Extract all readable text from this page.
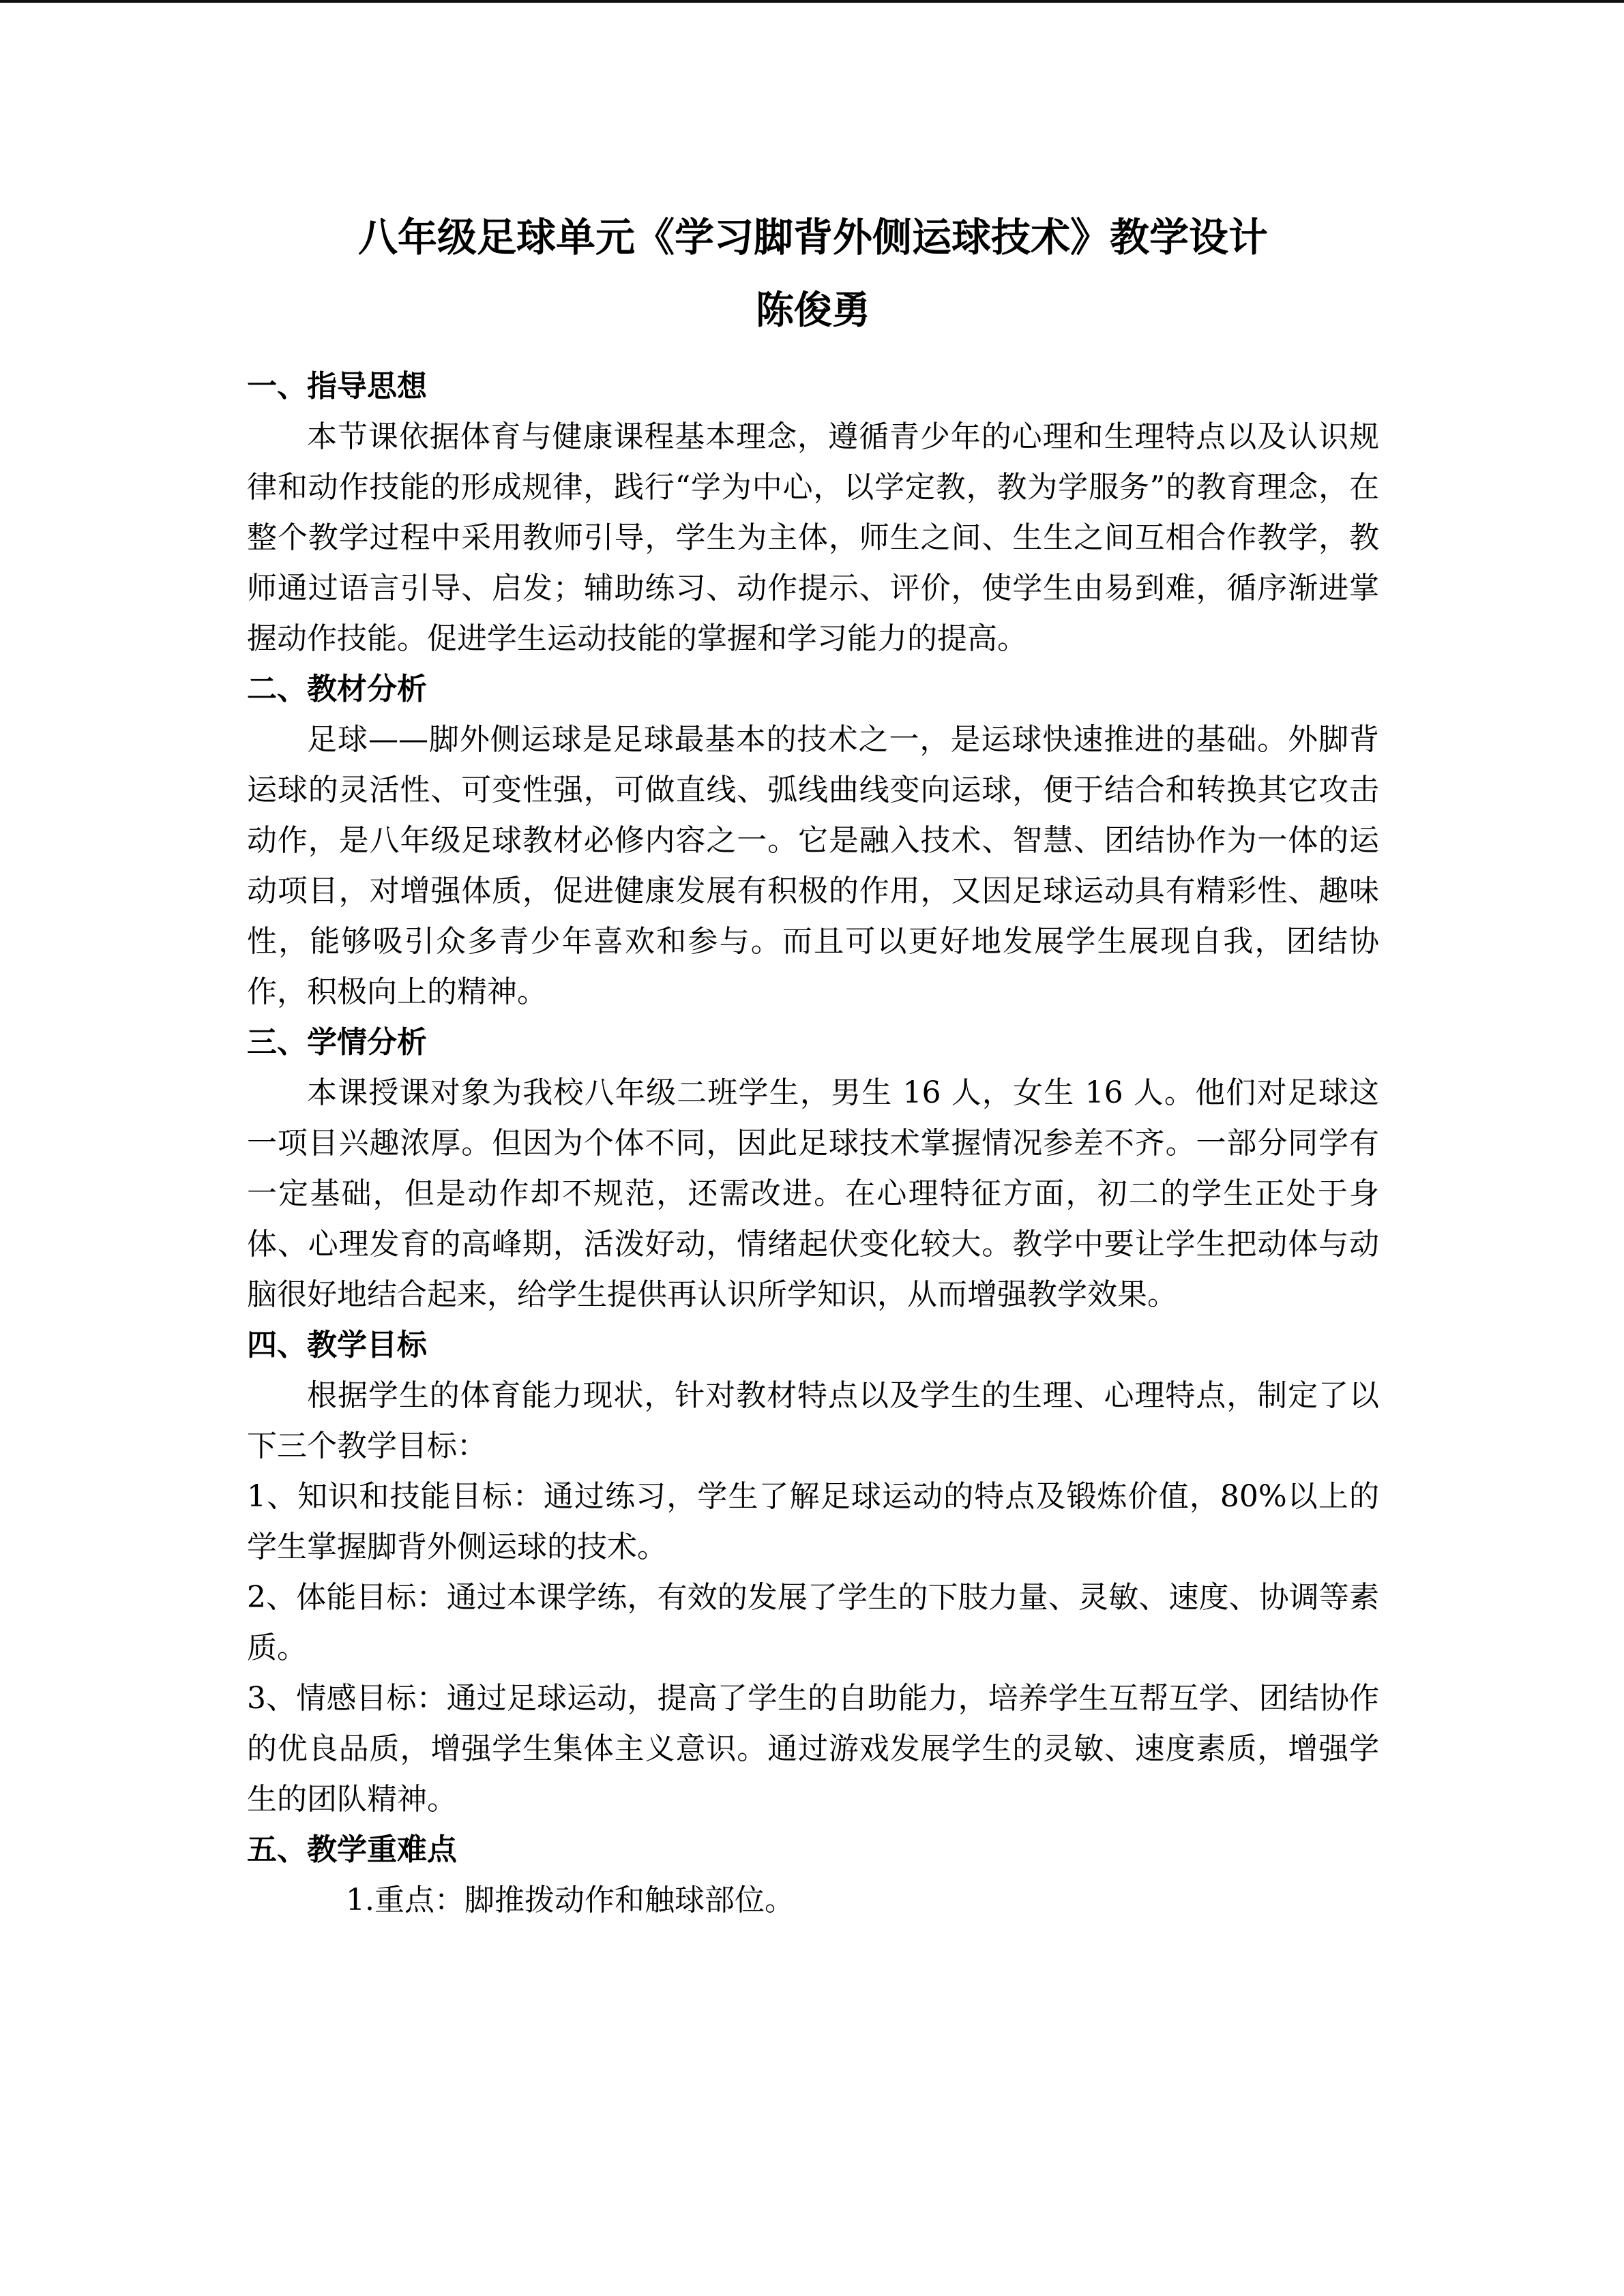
八年级足球单元《学习脚背外侧运球技术》教学设计
陈俊勇
一、指导思想

本节课依据体育与健康课程基本理念，遵循青少年的心理和生理特点以及认识规律和动作技能的形成规律，践行“学为中心，以学定教，教为学服务”的教育理念，在整个教学过程中采用教师引导，学生为主体，师生之间、生生之间互相合作教学，教师通过语言引导、启发；辅助练习、动作提示、评价，使学生由易到难，循序渐进掌握动作技能。促进学生运动技能的掌握和学习能力的提高。

二、教材分析

足球——脚外侧运球是足球最基本的技术之一，是运球快速推进的基础。外脚背运球的灵活性、可变性强，可做直线、弧线曲线变向运球，便于结合和转换其它攻击动作，是八年级足球教材必修内容之一。它是融入技术、智慧、团结协作为一体的运动项目，对增强体质，促进健康发展有积极的作用，又因足球运动具有精彩性、趣味性，能够吸引众多青少年喜欢和参与。而且可以更好地发展学生展现自我，团结协作，积极向上的精神。

三、学情分析

本课授课对象为我校八年级二班学生，男生 16 人，女生 16 人。他们对足球这一项目兴趣浓厚。但因为个体不同，因此足球技术掌握情况参差不齐。一部分同学有一定基础，但是动作却不规范，还需改进。在心理特征方面，初二的学生正处于身体、心理发育的高峰期，活泼好动，情绪起伏变化较大。教学中要让学生把动体与动脑很好地结合起来，给学生提供再认识所学知识，从而增强教学效果。

四、教学目标

根据学生的体育能力现状，针对教材特点以及学生的生理、心理特点，制定了以下三个教学目标：

1、知识和技能目标：通过练习，学生了解足球运动的特点及锻炼价值，80%以上的学生掌握脚背外侧运球的技术。

2、体能目标：通过本课学练，有效的发展了学生的下肢力量、灵敏、速度、协调等素质。

3、情感目标：通过足球运动，提高了学生的自助能力，培养学生互帮互学、团结协作的优良品质，增强学生集体主义意识。通过游戏发展学生的灵敏、速度素质，增强学生的团队精神。

五、教学重难点

1.重点：脚推拨动作和触球部位。
